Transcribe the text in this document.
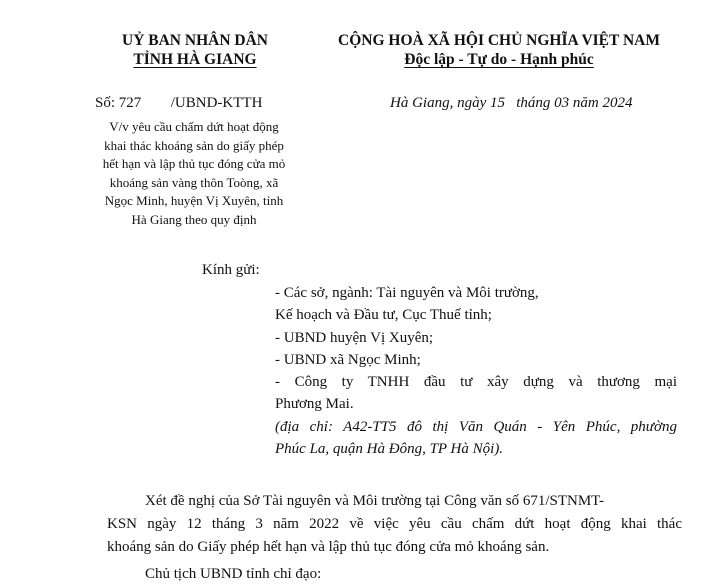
UỶ BAN NHÂN DÂN
TỈNH HÀ GIANG
CỘNG HOÀ XÃ HỘI CHỦ NGHĨA VIỆT NAM
Độc lập - Tự do - Hạnh phúc
Số: 727 /UBND-KTTH	Hà Giang, ngày 15   tháng 03 năm 2024
V/v yêu cầu chấm dứt hoạt động
khai thác khoáng sản do giấy phép
hết hạn và lập thủ tục đóng cửa mỏ
khoáng sản vàng thôn Toòng, xã
Ngọc Minh, huyện Vị Xuyên, tỉnh
Hà Giang theo quy định
Kính gửi:
- Các sở, ngành: Tài nguyên và Môi trường,
Kế hoạch và Đầu tư, Cục Thuế tỉnh;
- UBND huyện Vị Xuyên;
- UBND xã Ngọc Minh;
- Công ty TNHH đầu tư xây dựng và thương mại
Phương Mai.
(địa chỉ: A42-TT5 đô thị Văn Quán - Yên Phúc, phường
Phúc La, quận Hà Đông, TP Hà Nội).
Xét đề nghị của Sở Tài nguyên và Môi trường tại Công văn số 671/STNMT-
KSN ngày 12 tháng 3 năm 2022 về việc yêu cầu chấm dứt hoạt động khai thác
khoáng sản do Giấy phép hết hạn và lập thủ tục đóng cửa mỏ khoáng sản.
Chủ tịch UBND tỉnh chỉ đạo:
